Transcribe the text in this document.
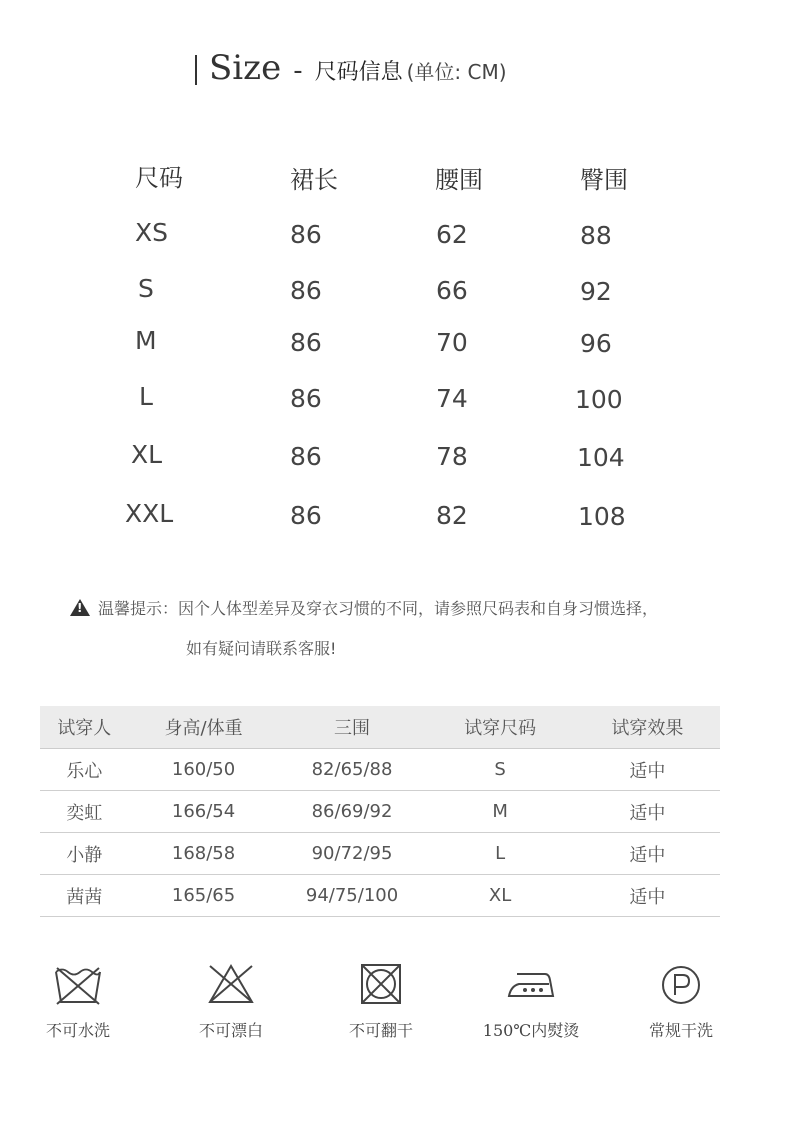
Size - 尺码信息 (单位: CM)
尺码	裙长	腰围	臀围
XS	86	62	88
S	86	66	92
M	86	70	96
L	86	74	100
XL	86	78	104
XXL	86	82	108
!温馨提示：因个人体型差异及穿衣习惯的不同，请参照尺码表和自身习惯选择，
如有疑问请联系客服!
试穿人	身高/体重	三围	试穿尺码	试穿效果
乐心	160/50	82/65/88	S	适中
奕虹	166/54	86/69/92	M	适中
小静	168/58	90/72/95	L	适中
茜茜	165/65	94/75/100	XL	适中
不可水洗	不可漂白	不可翻干	150℃内熨烫	常规干洗
